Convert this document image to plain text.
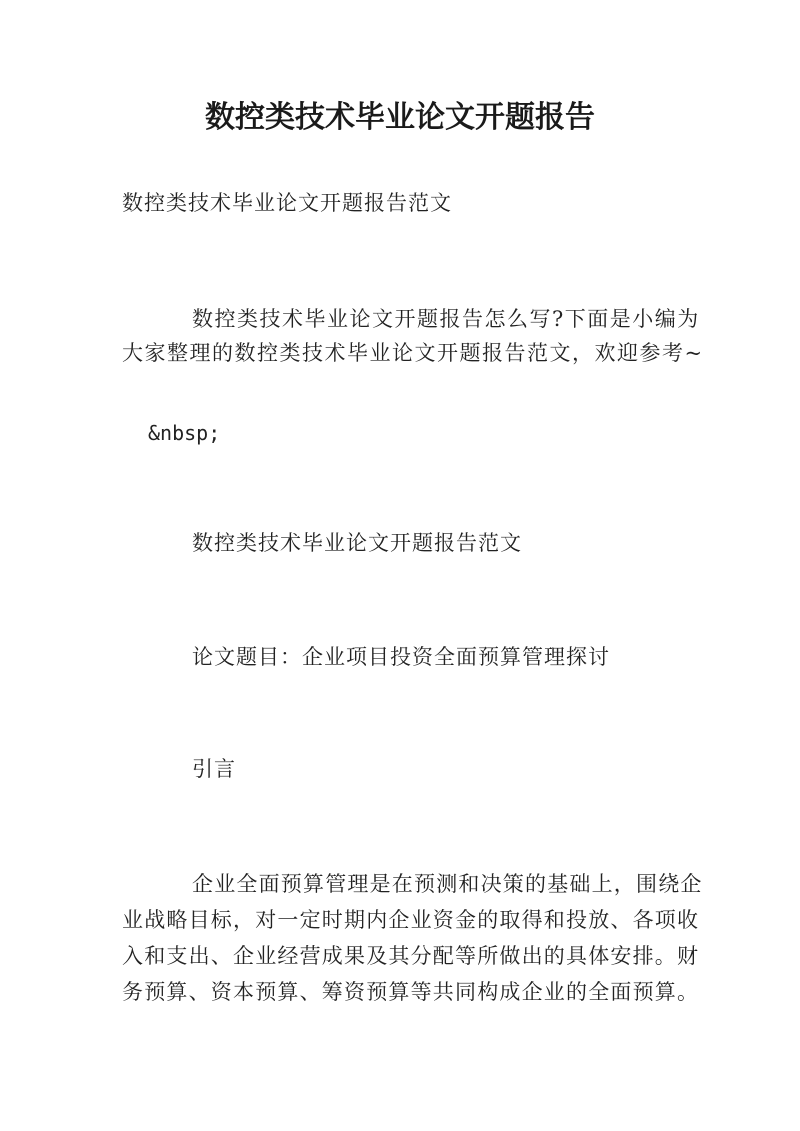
数控类技术毕业论文开题报告

数控类技术毕业论文开题报告范文

数控类技术毕业论文开题报告怎么写?下面是小编为
大家整理的数控类技术毕业论文开题报告范文，欢迎参考~

&nbsp;

数控类技术毕业论文开题报告范文

论文题目：企业项目投资全面预算管理探讨

引言

企业全面预算管理是在预测和决策的基础上，围绕企
业战略目标，对一定时期内企业资金的取得和投放、各项收
入和支出、企业经营成果及其分配等所做出的具体安排。财
务预算、资本预算、筹资预算等共同构成企业的全面预算。
